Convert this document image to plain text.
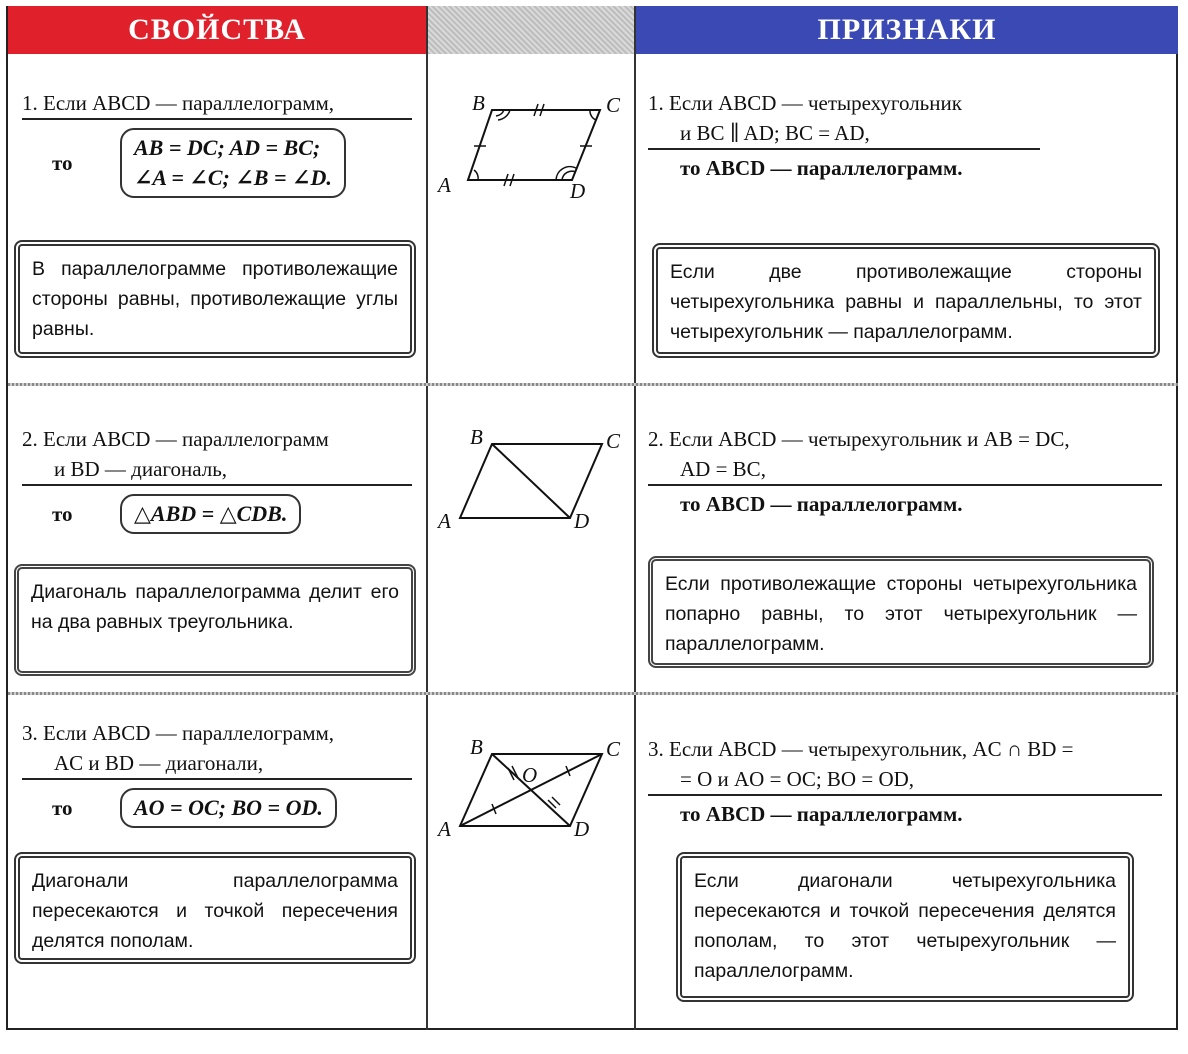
СВОЙСТВА	ПРИЗНАКИ
1. Если ABCD — параллелограмм,
то
AB = DC; AD = BC;
∠A = ∠C; ∠B = ∠D.
В параллелограмме противолежащие стороны равны, противолежащие углы равны.
B	C
A	D
1. Если ABCD — четырехугольник
и BC ∥ AD; BC = AD,
то ABCD — параллелограмм.
Если две противолежащие стороны четырехугольника равны и параллельны, то этот четырехугольник — параллелограмм.
2. Если ABCD — параллелограмм
и BD — диагональ,
то	△ABD = △CDB.
Диагональ параллелограмма делит его на два равных треугольника.
B	C
A	D
2. Если ABCD — четырехугольник и AB = DC,
AD = BC,
то ABCD — параллелограмм.
Если противолежащие стороны четырехугольника попарно равны, то этот четырехугольник — параллелограмм.
3. Если ABCD — параллелограмм,
AC и BD — диагонали,
то	AO = OC; BO = OD.
Диагонали параллелограмма пересекаются и точкой пересечения делятся пополам.
B	C
O
A	D
3. Если ABCD — четырехугольник, AC ∩ BD =
= O и AO = OC; BO = OD,
то ABCD — параллелограмм.
Если диагонали четырехугольника пересекаются и точкой пересечения делятся пополам, то этот четырехугольник — параллелограмм.
